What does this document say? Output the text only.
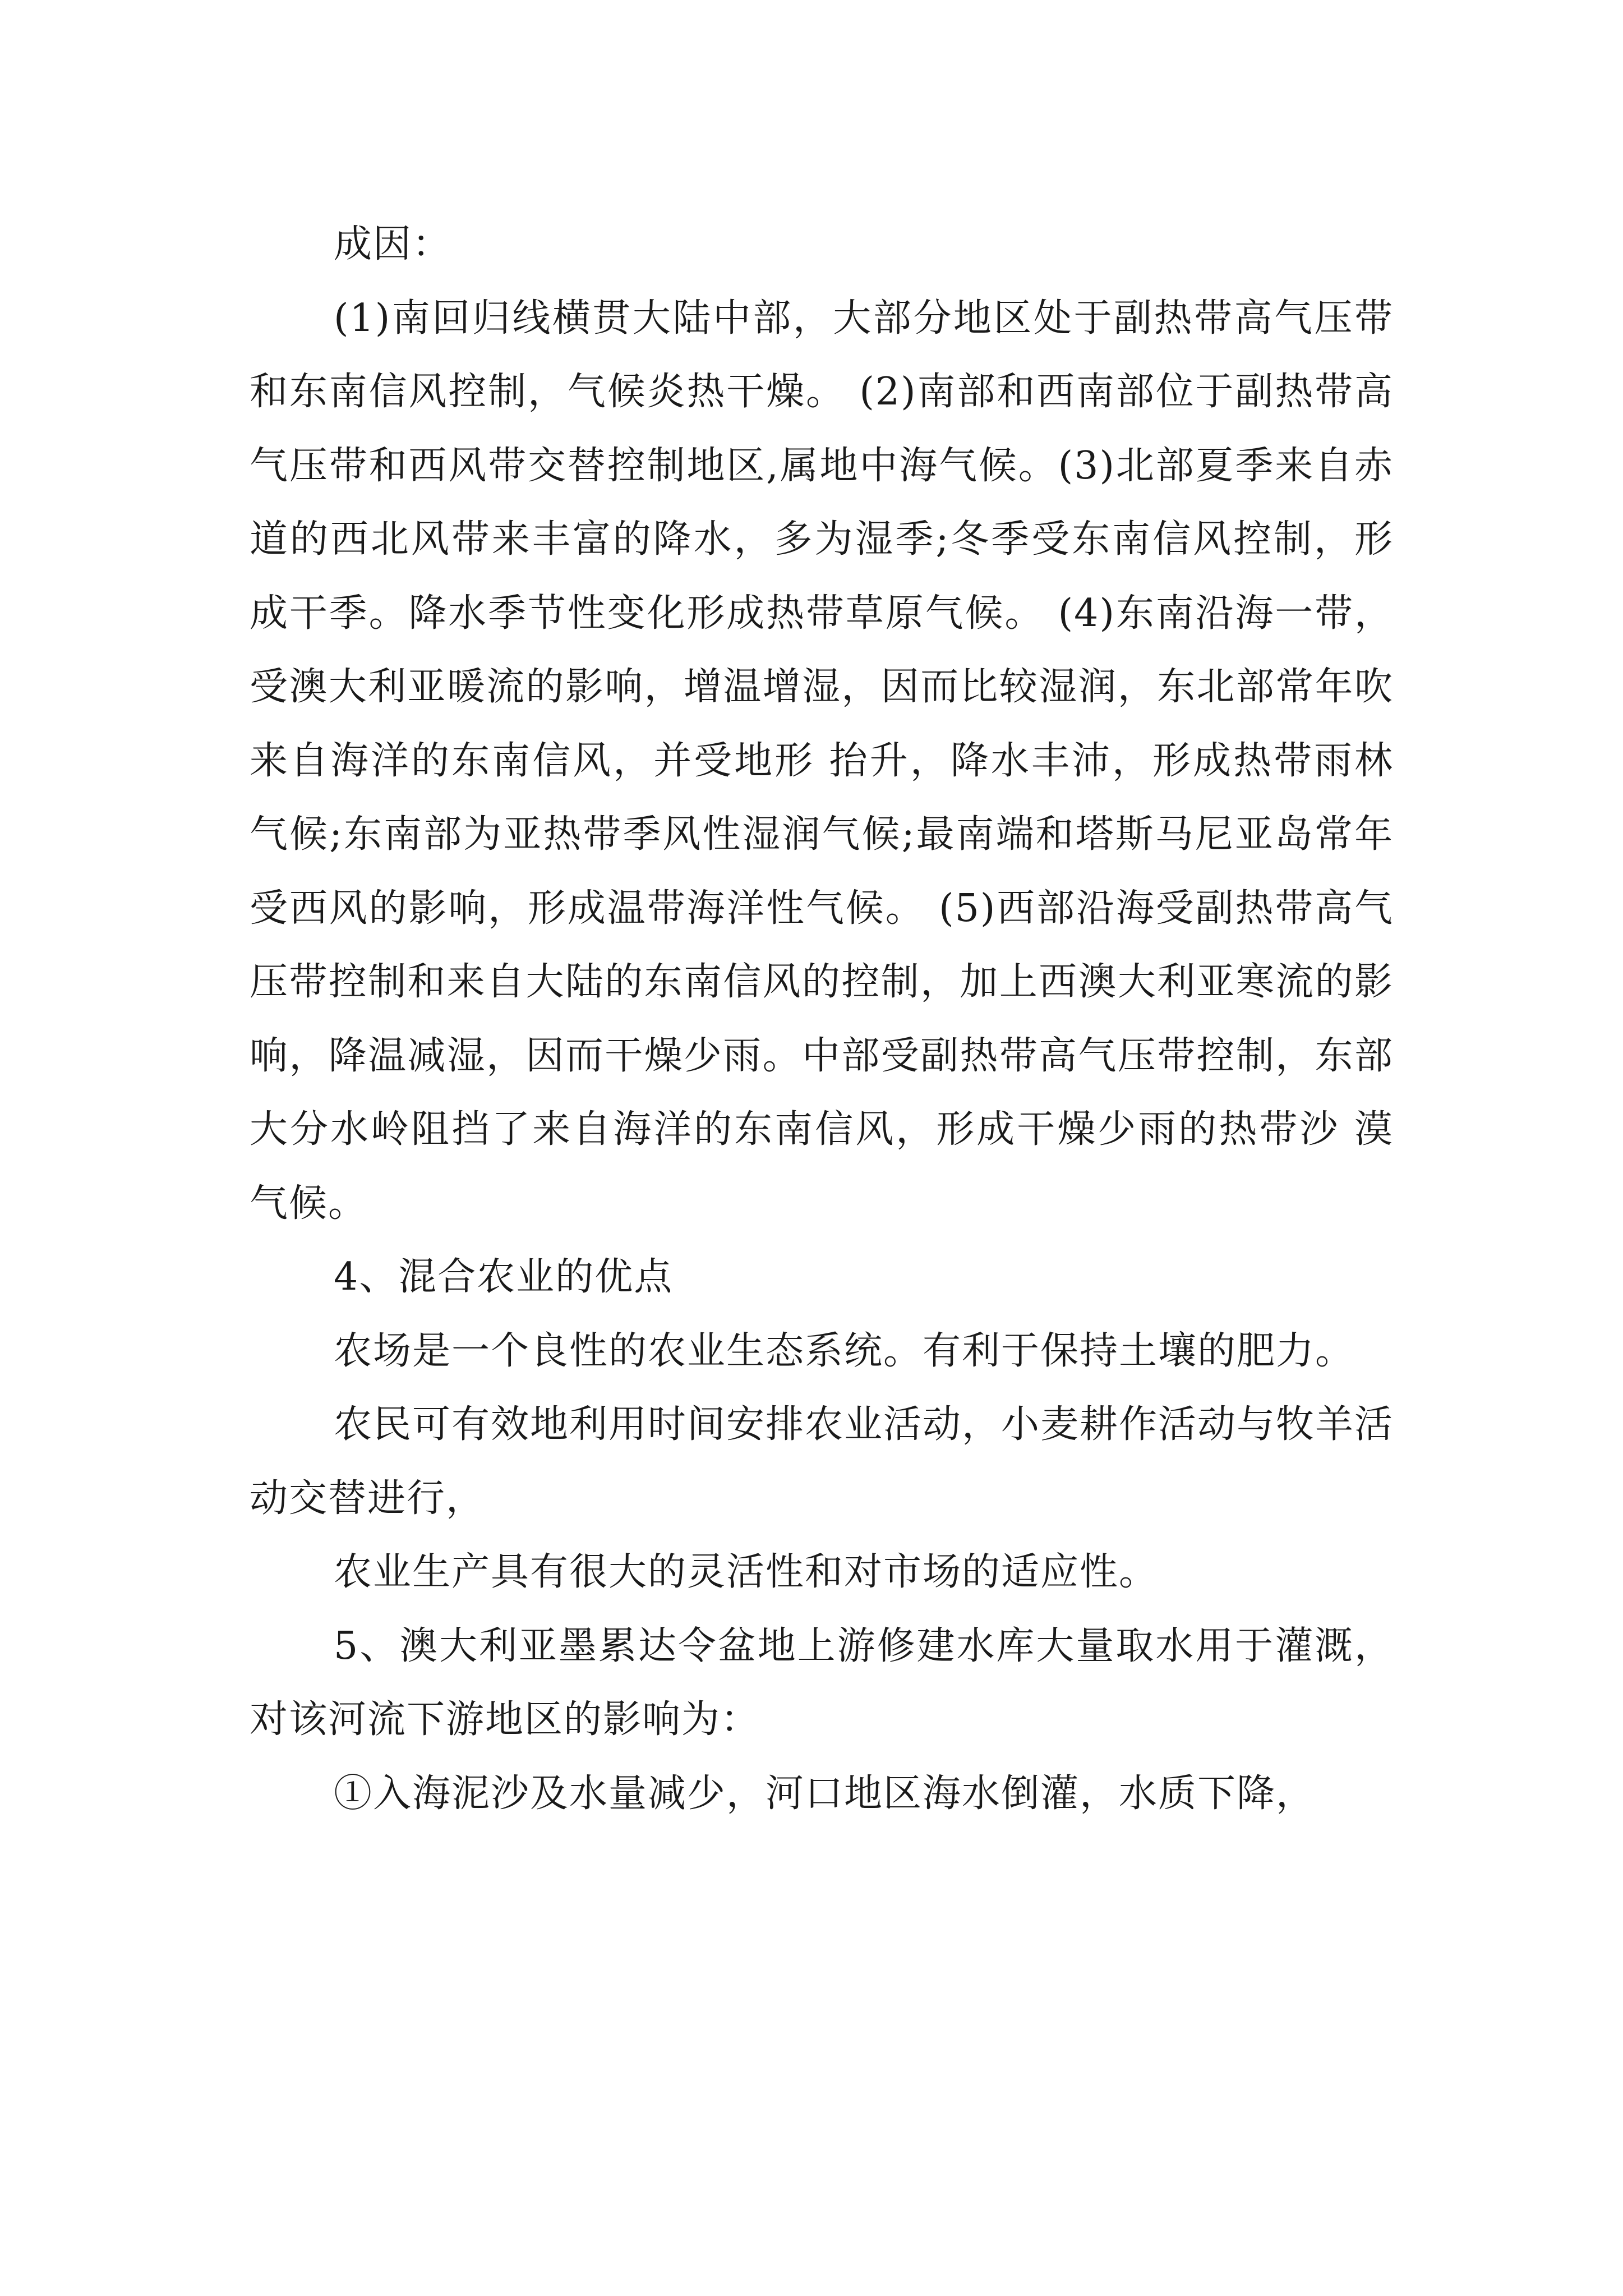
成因：

(1)南回归线横贯大陆中部，大部分地区处于副热带高气压带和东南信风控制，气候炎热干燥。 (2)南部和西南部位于副热带高气压带和西风带交替控制地区,属地中海气候。(3)北部夏季来自赤道的西北风带来丰富的降水，多为湿季;冬季受东南信风控制，形成干季。降水季节性变化形成热带草原气候。 (4)东南沿海一带，受澳大利亚暖流的影响，增温增湿，因而比较湿润，东北部常年吹来自海洋的东南信风，并受地形 抬升，降水丰沛，形成热带雨林气候;东南部为亚热带季风性湿润气候;最南端和塔斯马尼亚岛常年受西风的影响，形成温带海洋性气候。 (5)西部沿海受副热带高气压带控制和来自大陆的东南信风的控制，加上西澳大利亚寒流的影响，降温减湿，因而干燥少雨。中部受副热带高气压带控制，东部大分水岭阻挡了来自海洋的东南信风，形成干燥少雨的热带沙 漠气候。

4、混合农业的优点

农场是一个良性的农业生态系统。有利于保持土壤的肥力。

农民可有效地利用时间安排农业活动，小麦耕作活动与牧羊活动交替进行，

农业生产具有很大的灵活性和对市场的适应性。

5、澳大利亚墨累达令盆地上游修建水库大量取水用于灌溉，对该河流下游地区的影响为：

①入海泥沙及水量减少，河口地区海水倒灌，水质下降，
